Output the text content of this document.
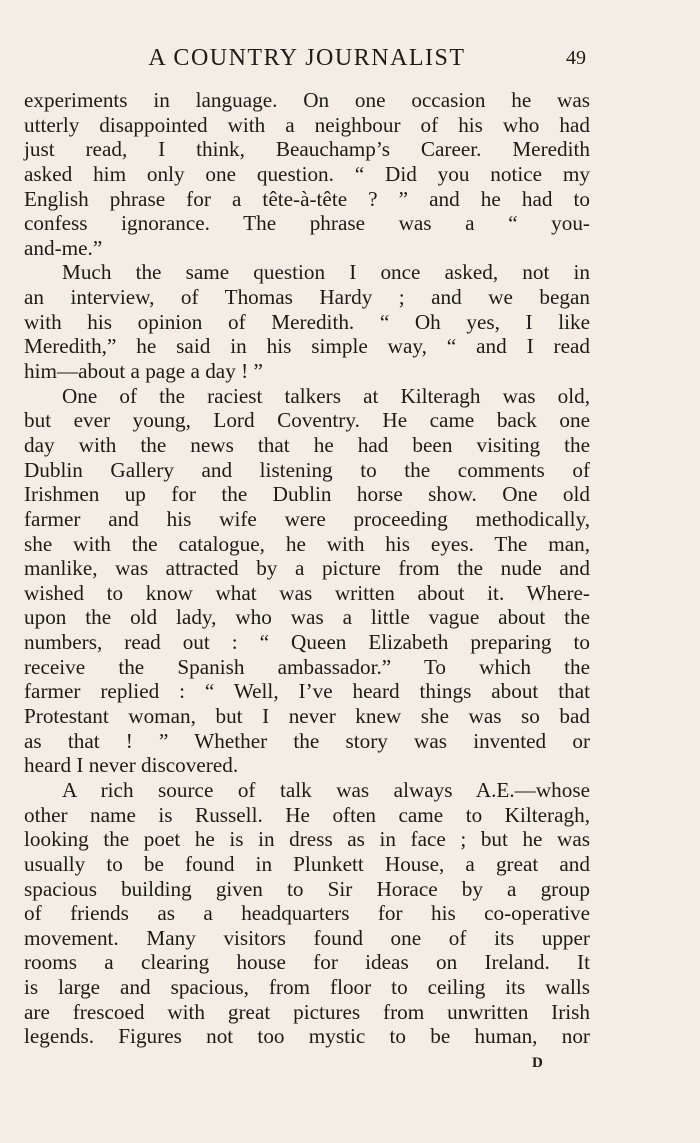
A COUNTRY JOURNALIST	49
experiments in language. On one occasion he was
utterly disappointed with a neighbour of his who had
just read, I think, Beauchamp’s Career. Meredith
asked him only one question. “ Did you notice my
English phrase for a tête-à-tête ? ” and he had to
confess ignorance. The phrase was a “ you-
and-me.”
Much the same question I once asked, not in
an interview, of Thomas Hardy ; and we began
with his opinion of Meredith. “ Oh yes, I like
Meredith,” he said in his simple way, “ and I read
him—about a page a day ! ”
One of the raciest talkers at Kilteragh was old,
but ever young, Lord Coventry. He came back one
day with the news that he had been visiting the
Dublin Gallery and listening to the comments of
Irishmen up for the Dublin horse show. One old
farmer and his wife were proceeding methodically,
she with the catalogue, he with his eyes. The man,
manlike, was attracted by a picture from the nude and
wished to know what was written about it. Where-
upon the old lady, who was a little vague about the
numbers, read out : “ Queen Elizabeth preparing to
receive the Spanish ambassador.” To which the
farmer replied : “ Well, I’ve heard things about that
Protestant woman, but I never knew she was so bad
as that ! ” Whether the story was invented or
heard I never discovered.
A rich source of talk was always A.E.—whose
other name is Russell. He often came to Kilteragh,
looking the poet he is in dress as in face ; but he was
usually to be found in Plunkett House, a great and
spacious building given to Sir Horace by a group
of friends as a headquarters for his co-operative
movement. Many visitors found one of its upper
rooms a clearing house for ideas on Ireland. It
is large and spacious, from floor to ceiling its walls
are frescoed with great pictures from unwritten Irish
legends. Figures not too mystic to be human, nor
D
